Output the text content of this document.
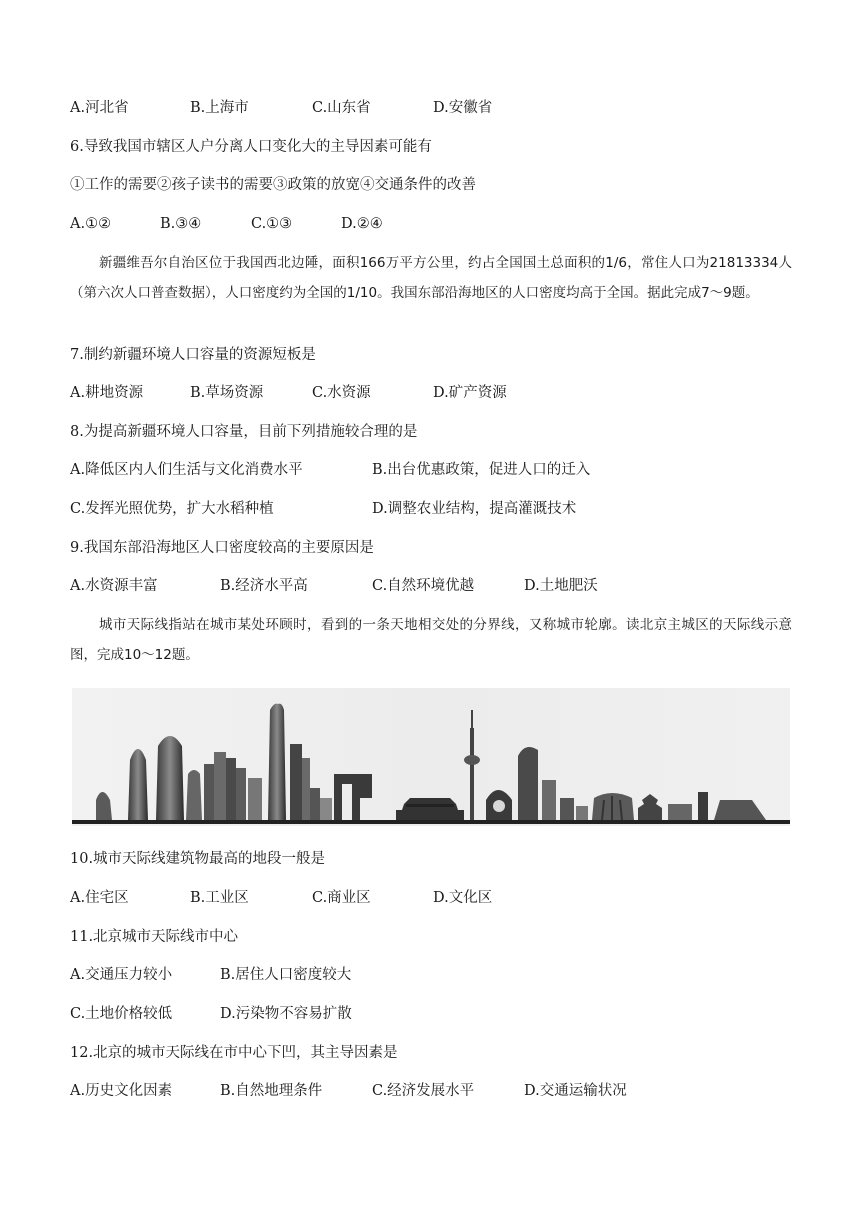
A.河北省	B.上海市	C.山东省	D.安徽省
6.导致我国市辖区人户分离人口变化大的主导因素可能有
①工作的需要②孩子读书的需要③政策的放宽④交通条件的改善
A.①②	B.③④	C.①③	D.②④
新疆维吾尔自治区位于我国西北边陲，面积166万平方公里，约占全国国土总面积的1/6，常住人口为21813334人（第六次人口普查数据），人口密度约为全国的1/10。我国东部沿海地区的人口密度均高于全国。据此完成7～9题。
7.制约新疆环境人口容量的资源短板是
A.耕地资源	B.草场资源	C.水资源	D.矿产资源
8.为提高新疆环境人口容量，目前下列措施较合理的是
A.降低区内人们生活与文化消费水平	B.出台优惠政策，促进人口的迁入
C.发挥光照优势，扩大水稻种植	D.调整农业结构，提高灌溉技术
9.我国东部沿海地区人口密度较高的主要原因是
A.水资源丰富	B.经济水平高	C.自然环境优越	D.土地肥沃
城市天际线指站在城市某处环顾时，看到的一条天地相交处的分界线，又称城市轮廓。读北京主城区的天际线示意图，完成10～12题。
10.城市天际线建筑物最高的地段一般是
A.住宅区	B.工业区	C.商业区	D.文化区
11.北京城市天际线市中心
A.交通压力较小	B.居住人口密度较大
C.土地价格较低	D.污染物不容易扩散
12.北京的城市天际线在市中心下凹，其主导因素是
A.历史文化因素	B.自然地理条件	C.经济发展水平	D.交通运输状况
